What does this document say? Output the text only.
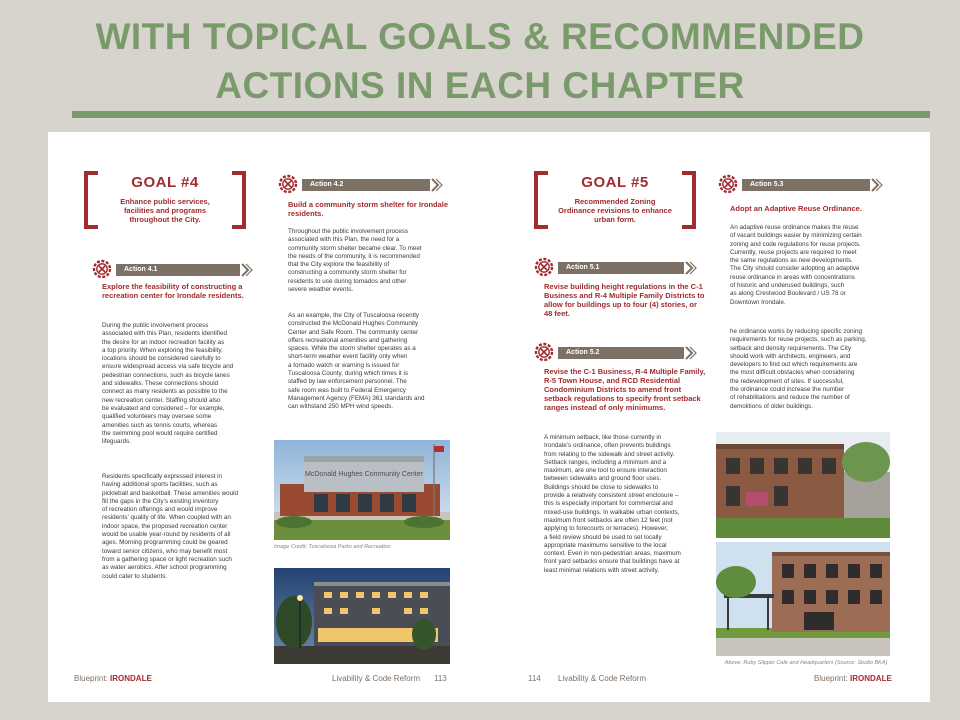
WITH TOPICAL GOALS & RECOMMENDED
ACTIONS IN EACH CHAPTER
GOAL #4
Enhance public services, facilities and programs throughout the City.
Action 4.1
Explore the feasibility of constructing a recreation center for Irondale residents.
During the public involvement process
associated with this Plan, residents identified
the desire for an indoor recreation facility as
a top priority. When exploring the feasibility,
locations should be considered carefully to
ensure widespread access via safe bicycle and
pedestrian connections, such as bicycle lanes
and sidewalks. These connections should
connect as many residents as possible to the
new recreation center. Staffing should also
be evaluated and considered – for example,
qualified volunteers may oversee some
amenities such as tennis courts, whereas
the swimming pool would require certified
lifeguards.
Residents specifically expressed interest in
having additional sports facilities, such as
pickleball and basketball. These amenities would
fill the gaps in the City’s existing inventory
of recreation offerings and would improve
residents’ quality of life. When coupled with an
indoor space, the proposed recreation center
would be usable year-round by residents of all
ages. Morning programming could be geared
toward senior citizens, who may benefit most
from a gathering space or light recreation such
as water aerobics. After school programming
could cater to students.
Action 4.2
Build a community storm shelter for Irondale residents.
Throughout the public involvement process
associated with this Plan, the need for a
community storm shelter became clear. To meet
the needs of the community, it is recommended
that the City explore the feasibility of
constructing a community storm shelter for
residents to use during tornados and other
severe weather events.
As an example, the City of Tuscaloosa recently
constructed the McDonald Hughes Community
Center and Safe Room. The community center
offers recreational amenities and gathering
spaces. While the storm shelter operates as a
short-term weather event facility only when
a tornado watch or warning is issued for
Tuscaloosa County, during which times it is
staffed by law enforcement personnel. The
safe room was built to Federal Emergency
Management Agency (FEMA) 361 standards and
can withstand 250 MPH wind speeds.
McDonald Hughes Community Center
Image Credit: Tuscaloosa Parks and Recreation
Blueprint: IRONDALE	Livability & Code Reform 113
GOAL #5
Recommended Zoning Ordinance revisions to enhance urban form.
Action 5.1
Revise building height regulations in the C-1 Business and R-4 Multiple Family Districts to allow for buildings up to four (4) stories, or 48 feet.
Action 5.2
Revise the C-1 Business, R-4 Multiple Family, R-5 Town House, and RCD Residential Condominium Districts to amend front setback regulations to specify front setback ranges instead of only minimums.
A minimum setback, like those currently in
Irondale’s ordinance, often prevents buildings
from relating to the sidewalk and street activity.
Setback ranges, including a minimum and a
maximum, are one tool to ensure interaction
between sidewalks and ground floor uses.
Buildings should be close to sidewalks to
provide a relatively consistent street enclosure –
this is especially important for commercial and
mixed-use buildings. In walkable urban contexts,
maximum front setbacks are often 12 feet (not
applying to forecourts or terraces). However,
a field review should be used to set locally
appropriate maximums sensitive to the local
context. Even in non-pedestrian areas, maximum
front yard setbacks ensure that buildings have at
least minimal relations with street activity.
Action 5.3
Adopt an Adaptive Reuse Ordinance.
An adaptive reuse ordinance makes the reuse
of vacant buildings easier by minimizing certain
zoning and code regulations for reuse projects.
Currently, reuse projects are required to meet
the same regulations as new developments.
The City should consider adopting an adaptive
reuse ordinance in areas with concentrations
of historic and underused buildings, such
as along Crestwood Boulevard / US 78 or
Downtown Irondale.
he ordinance works by reducing specific zoning
requirements for reuse projects, such as parking,
setback and density requirements. The City
should work with architects, engineers, and
developers to find out which requirements are
the most difficult obstacles when considering
the redevelopment of sites. If successful,
the ordinance could increase the number
of rehabilitations and reduce the number of
demolitions of older buildings.
Above: Ruby Slipper Cafe and Headquarters (Source: Studio BKA)
114 Livability & Code Reform	Blueprint: IRONDALE
